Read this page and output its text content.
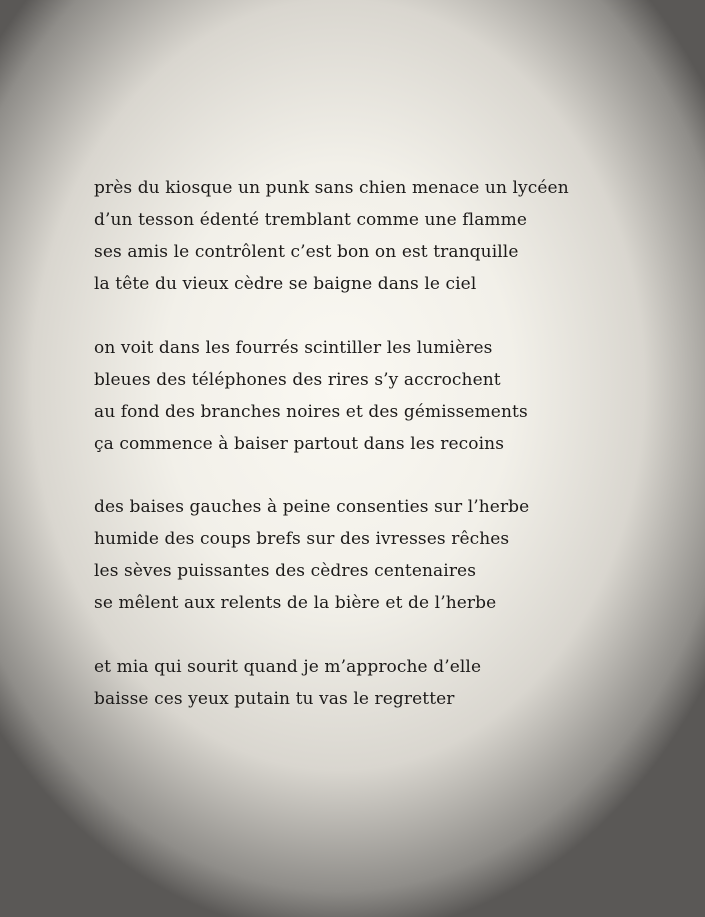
près du kiosque un punk sans chien menace un lycéen
d’un tesson édenté tremblant comme une flamme
ses amis le contrôlent c’est bon on est tranquille
la tête du vieux cèdre se baigne dans le ciel
on voit dans les fourrés scintiller les lumières
bleues des téléphones des rires s’y accrochent
au fond des branches noires et des gémissements
ça commence à baiser partout dans les recoins
des baises gauches à peine consenties sur l’herbe
humide des coups brefs sur des ivresses rêches
les sèves puissantes des cèdres centenaires
se mêlent aux relents de la bière et de l’herbe
et mia qui sourit quand je m’approche d’elle
baisse ces yeux putain tu vas le regretter
